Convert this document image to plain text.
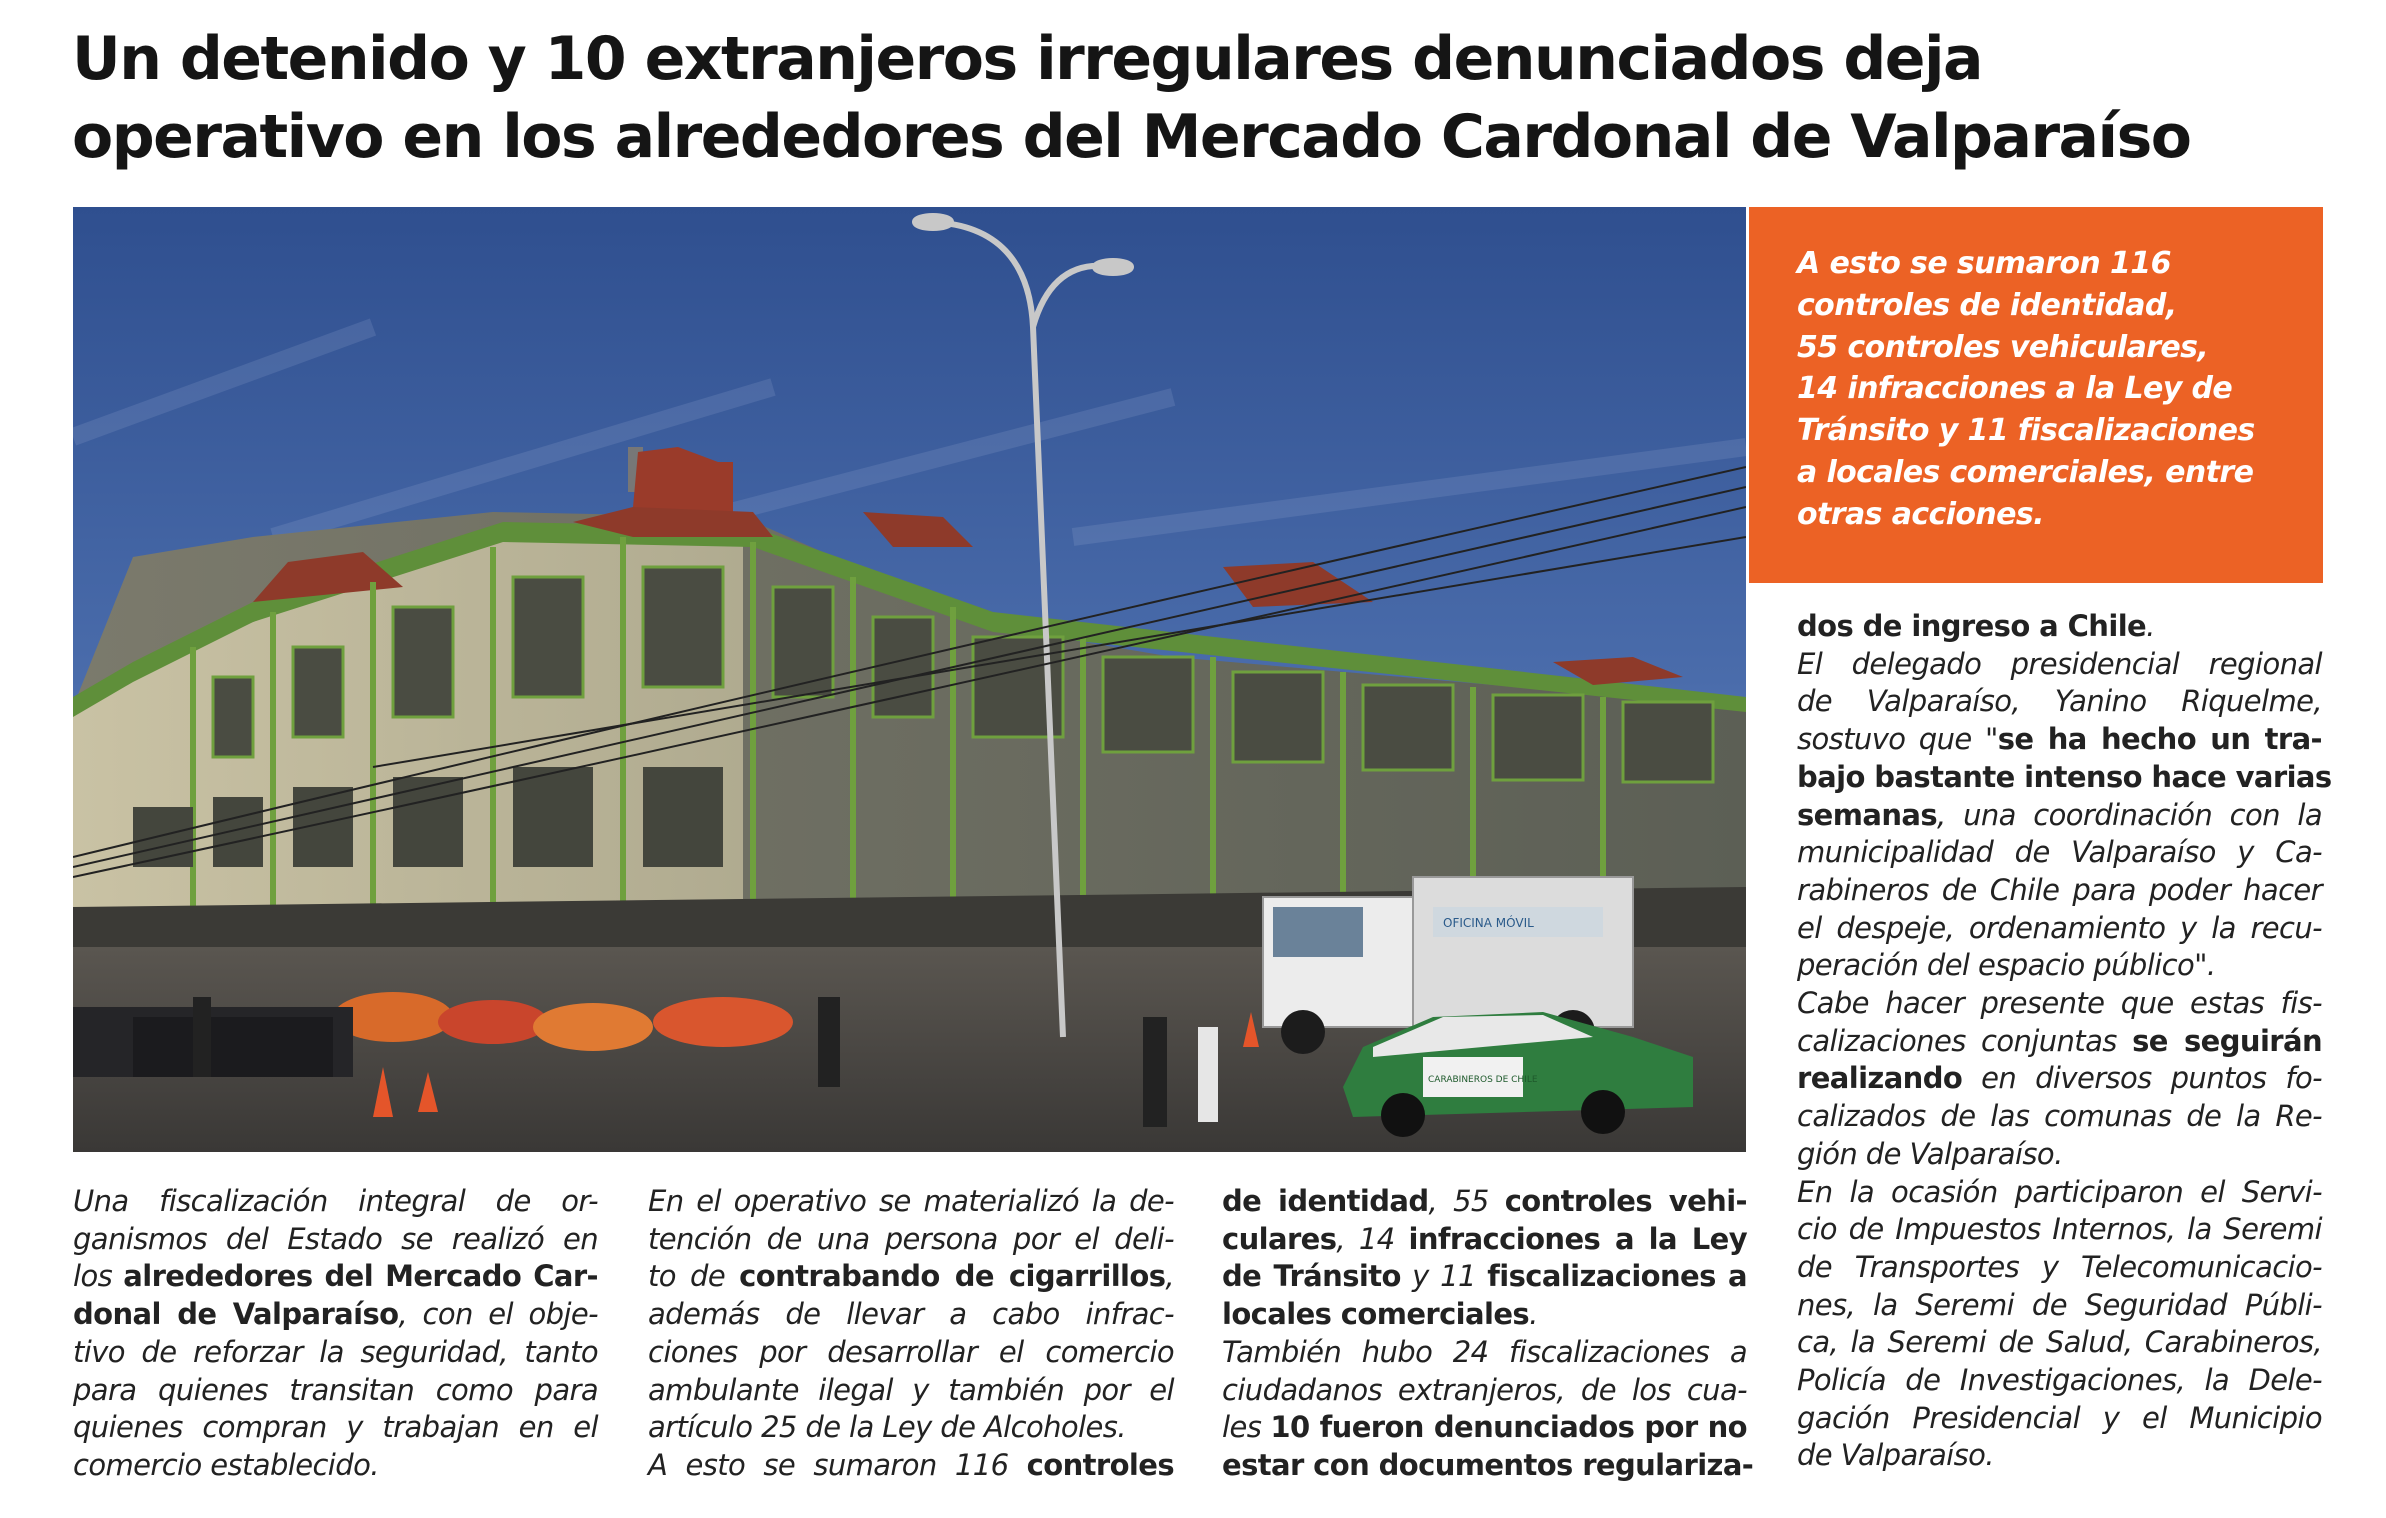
Un detenido y 10 extranjeros irregulares denunciados deja
operativo en los alrededores del Mercado Cardonal de Valparaíso
OFICINA MÓVIL
CARABINEROS DE CHILE

A esto se sumaron 116
controles de identidad,
55 controles vehiculares,
14 infracciones a la Ley de
Tránsito y 11 fiscalizaciones
a locales comerciales, entre
otras acciones.

Una fiscalización integral de or-
ganismos del Estado se realizó en
los alrededores del Mercado Car-
donal de Valparaíso, con el obje-
tivo de reforzar la seguridad, tanto
para quienes transitan como para
quienes compran y trabajan en el
comercio establecido.
En el operativo se materializó la de-
tención de una persona por el deli-
to de contrabando de cigarrillos,
además de llevar a cabo infrac-
ciones por desarrollar el comercio
ambulante ilegal y también por el
artículo 25 de la Ley de Alcoholes.
A esto se sumaron 116 controles
de identidad, 55 controles vehi-
culares, 14 infracciones a la Ley
de Tránsito y 11 fiscalizaciones a
locales comerciales.
También hubo 24 fiscalizaciones a
ciudadanos extranjeros, de los cua-
les 10 fueron denunciados por no
estar con documentos regulariza-
dos de ingreso a Chile.
El delegado presidencial regional
de Valparaíso, Yanino Riquelme,
sostuvo que "se ha hecho un tra-
bajo bastante intenso hace varias
semanas, una coordinación con la
municipalidad de Valparaíso y Ca-
rabineros de Chile para poder hacer
el despeje, ordenamiento y la recu-
peración del espacio público".
Cabe hacer presente que estas fis-
calizaciones conjuntas se seguirán
realizando en diversos puntos fo-
calizados de las comunas de la Re-
gión de Valparaíso.
En la ocasión participaron el Servi-
cio de Impuestos Internos, la Seremi
de Transportes y Telecomunicacio-
nes, la Seremi de Seguridad Públi-
ca, la Seremi de Salud, Carabineros,
Policía de Investigaciones, la Dele-
gación Presidencial y el Municipio
de Valparaíso.
